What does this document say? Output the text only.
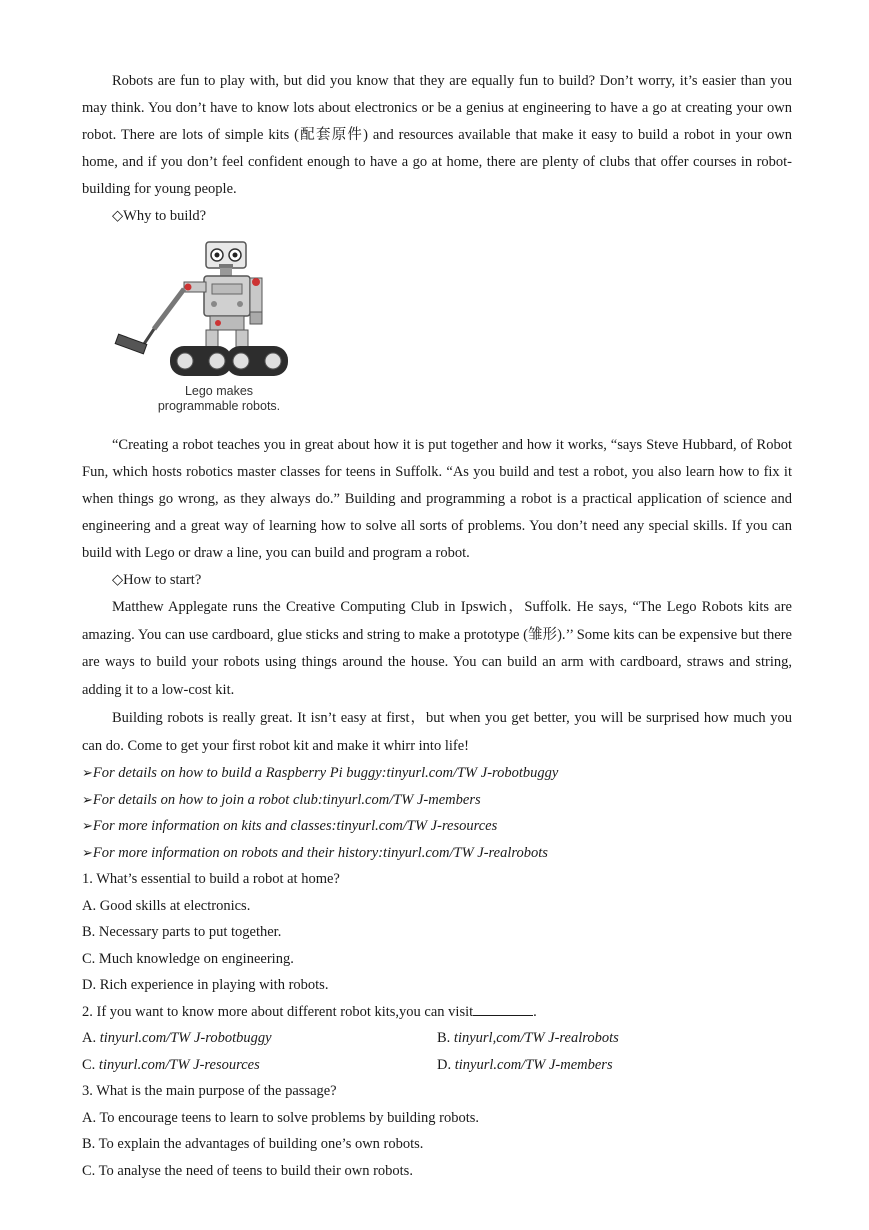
Robots are fun to play with, but did you know that they are equally fun to build? Don’t worry, it’s easier than you may think. You don’t have to know lots about electronics or be a genius at engineering to have a go at creating your own robot. There are lots of simple kits (配套原件) and resources available that make it easy to build a robot in your own home, and if you don’t feel confident enough to have a go at home, there are plenty of clubs that offer courses in robot-building for young people.

◇Why to build?

Lego makes
programmable robots.

“Creating a robot teaches you in great about how it is put together and how it works, “says Steve Hubbard, of Robot Fun, which hosts robotics master classes for teens in Suffolk. “As you build and test a robot, you also learn how to fix it when things go wrong, as they always do.” Building and programming a robot is a practical application of science and engineering and a great way of learning how to solve all sorts of problems. You don’t need any special skills. If you can build with Lego or draw a line, you can build and program a robot.

◇How to start?

Matthew Applegate runs the Creative Computing Club in Ipswich，Suffolk. He says, “The Lego Robots kits are amazing. You can use cardboard, glue sticks and string to make a prototype (雏形).’’ Some kits can be expensive but there are ways to build your robots using things around the house. You can build an arm with cardboard, straws and string, adding it to a low-cost kit.

Building robots is really great. It isn’t easy at first，but when you get better, you will be surprised how much you can do. Come to get your first robot kit and make it whirr into life!

➢For details on how to build a Raspberry Pi buggy:tinyurl.com/TW J-robotbuggy

➢For details on how to join a robot club:tinyurl.com/TW J-members

➢For more information on kits and classes:tinyurl.com/TW J-resources

➢For more information on robots and their history:tinyurl.com/TW J-realrobots

1. What’s essential to build a robot at home?

A. Good skills at electronics.

B. Necessary parts to put together.

C. Much knowledge on engineering.

D. Rich experience in playing with robots.

2. If you want to know more about different robot kits,you can visit	.

A. tinyurl.com/TW J-robotbuggy	B. tinyurl,com/TW J-realrobots
C. tinyurl.com/TW J-resources	D. tinyurl.com/TW J-members

3. What is the main purpose of the passage?

A. To encourage teens to learn to solve problems by building robots.

B. To explain the advantages of building one’s own robots.

C. To analyse the need of teens to build their own robots.
